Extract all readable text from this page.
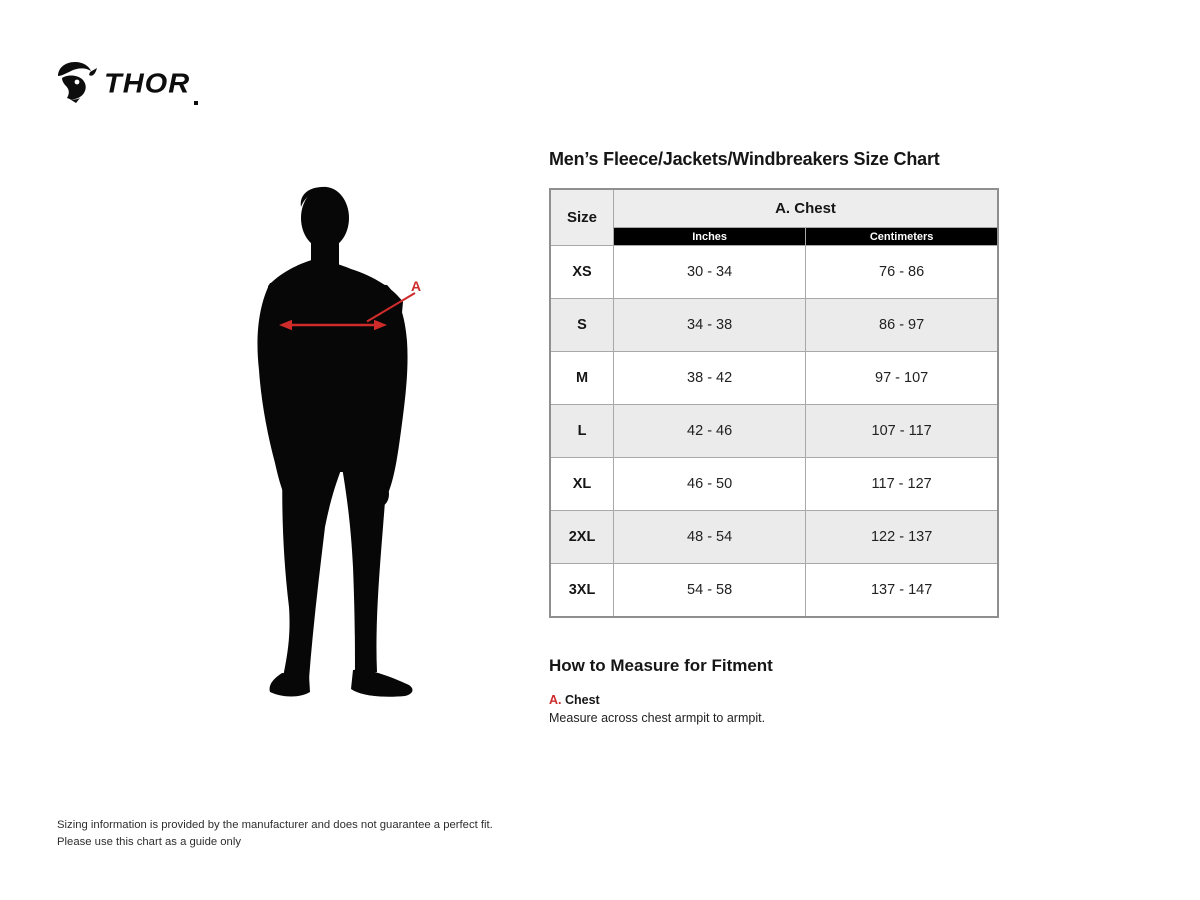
THOR
A
Men’s Fleece/Jackets/Windbreakers Size Chart
Size	A. Chest	
	Inches	Centimeters
XS	30 - 34	76 - 86
S	34 - 38	86 - 97
M	38 - 42	97 - 107
L	42 - 46	107 - 117
XL	46 - 50	117 - 127
2XL	48 - 54	122 - 137
3XL	54 - 58	137 - 147
How to Measure for Fitment

A. Chest

Measure across chest armpit to armpit.

Sizing information is provided by the manufacturer and does not guarantee a perfect fit.

Please use this chart as a guide only
